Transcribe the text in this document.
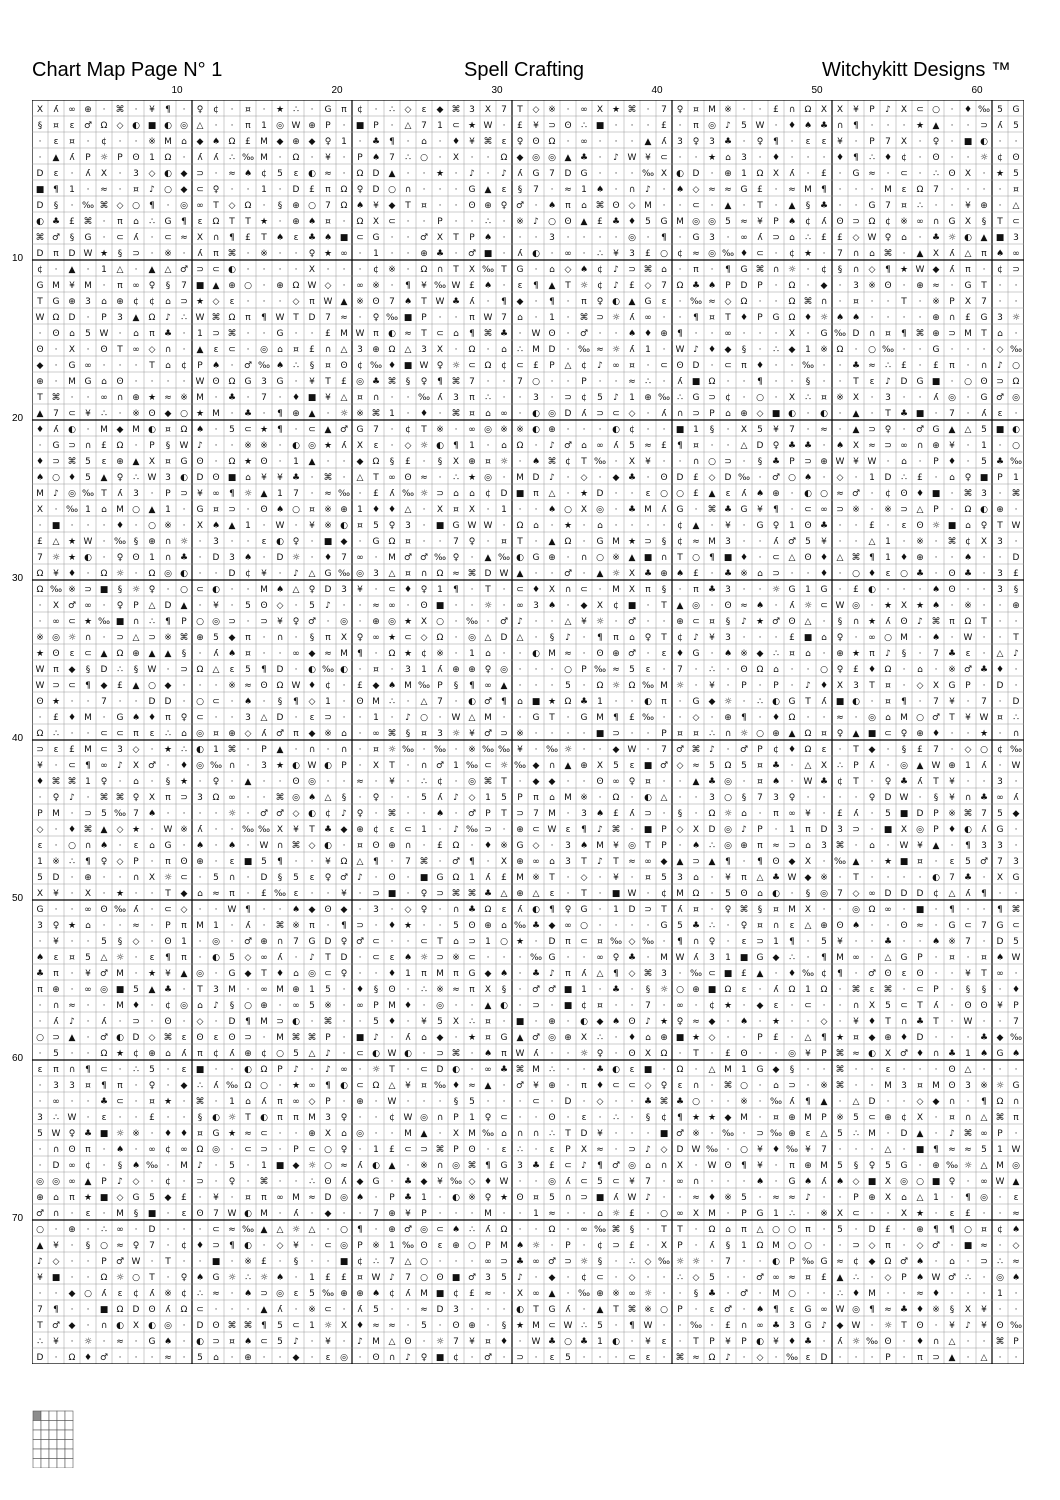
Chart Map Page N° 1	Spell Crafting	Witchykitt Designs ™
10	20	30	40	50	60
10
20
30
40
50
60
70
Ⅹ ʎ ∞ ⊕ · ⌘ · ¥ ¶ · ♀ ¢ · ¤ · ★ ∴ · G π ¢ · ∴ ◇ ε ◆ ⌘ 3 Ⅹ 7 T ◇ ※ · ∞ Ⅹ ★ ⌘ · 7 ♀ ¤ M ※ · · £ ∩ Ω Ⅹ Ⅹ ¥ P ♪ Ⅹ ⊂ ○ · ♦ ‰ 5 G
§ ¤ ε ♂ Ω ◇ ◐ ■ ◐ ◎ △ · · π 1 ◎ W ⊕ P · ■ P · △ 7 1 ⊂ ★ W · £ ¥ ⊃ ʘ ∴ ■ · · · £ · π ◎ ♪ 5 W · ♦ ♠ ♣ ∩ ¶ · · · ★ ▲ · · ⊃ ʎ 5
· ε ¤ · ¢ · · ※ M ⌂ ◆ ♠ Ω £ M ◆ ⊕ ◆ ♀ 1 · ♣ ¶ · ⌂ · ♦ ¥ ⌘ ε ♀ ʘ Ω · ∞ · · · ▲ ʎ 3 ♀ 3 ♣ · ♀ ¶ · ε ε ¥ · P 7 Ⅹ · ♀ · ■ ◐ · ·
· ▲ ʎ P ☼ P ʘ 1 Ω · ʎ ʎ ∴ ‰ M · Ω · ¥ · P ♠ 7 ∴ ○ · Ⅹ · · Ω ◆ ◎ ◎ ▲ ♣ · ♪ W ¥ ⊂ · · ★ ⌂ 3 · ♦ · · · ♦ ¶ ∴ ♦ ¢ · ʘ · · ☼ ¢ ʘ
D ε · ʎ Ⅹ · 3 ◇ ◐ ◆ ⊃ · ≈ ♠ ¢ 5 ε ◐ ≈ · Ω D ▲ · · ★ · ♪ · ♪ ʎ G 7 D G · · · ‰ Ⅹ ◐ D · ⊕ 1 Ω Ⅹ ʎ · £ · G ≈ · ⊂ · ∴ ʘ Ⅹ · ★ 5
■ ¶ 1 · ≈ · ¤ ♪ ○ ◆ ⊂ ♀ · · 1 · D £ π Ω ♀ D ○ ∩ · · · G ▲ ε § 7 · ≈ 1 ♠ · ∩ ♪ · ♠ ◇ ≈ ≈ G £ · ≈ M ¶ · · · M ε Ω 7 · · · · ¤
D § · ‰ ⌘ ◇ ○ ¶ · ◎ ∞ T ◇ Ω · § ⊕ ○ 7 Ω ♠ ¥ ◆ T ¤ · · ʘ ⊕ ♀ ♂ · ♠ π ⌂ ⌘ ʘ ◇ M · · ⊂ · ▲ · T · ▲ § ♣ · · G 7 ¤ ∴ · · ¥ ⊕ · △
◐ ♣ £ ⌘ · π ⌂ ∴ G ¶ ε Ω T T ★ · ⊕ ♠ ¤ · Ω Ⅹ ⊂ · · P · · ∴ · ※ ♪ ○ ʘ ▲ £ ♣ ♦ 5 G M ◎ ◎ 5 ≈ ¥ P ♠ ¢ ʎ ʘ ⊃ Ω ¢ ※ ∞ ∩ G Ⅹ § T ⊂
⌘ ♂ § G · ⊂ ʎ · ⊂ ≈ Ⅹ ∩ ¶ £ T ♠ ε ♣ ♠ ■ ⊂ G · · ♂ Ⅹ T P ♠ · · · 3 · · · · ◎ · ¶ · G 3 · ∞ ʎ ⊃ ⌂ ∴ £ £ ◇ W ♀ ⌂ · ♣ ☼ ◐ ▲ ■ 3
D π D W ★ § ⊃ · ※ · ʎ π ⌘ · ※ · · ♀ ★ ∞ · 1 · · ⊕ ♣ · ♂ ■ · ʎ ◐ · ∞ · ∴ ¥ 3 £ ○ ¢ ≈ ◎ ‰ ♦ ⊂ · ¢ ★ · 7 ∩ ⌂ ⌘ · ▲ Ⅹ ʎ △ π ♠ ∞
¢ · ▲ · 1 △ · ▲ △ ♂ ⊃ ⊂ ◐ · · · · Ⅹ · · · ¢ ※ · Ω ∩ T Ⅹ ‰ T G · ⌂ ◇ ♠ ¢ ♪ ⊃ ⌘ ⌂ · π · ¶ G ⌘ ∩ ☼ · ¢ § ∩ ◇ ¶ ★ W ◆ ʎ π · ¢ ⊃
G M ¥ M · π ∞ ♀ § 7 ■ ▲ ⊕ ○ · ⊕ Ω W ◇ · ∞ ※ · ¶ ¥ ‰ W £ ♠ · ε ¶ ▲ T ☼ ¢ ♪ £ ◇ 7 Ω ♣ ♠ P D P · Ω · ◆ · 3 ※ ʘ · ⊕ ≈ · G T · ·
T G ⊕ 3 ⌂ ⊕ ¢ ¢ ⌂ ⊃ ★ ◇ ε · · · ◇ π W ▲ ※ ʘ 7 ♠ T W ♣ ʎ · ¶ ◆ · ¶ · π ♀ ◐ ▲ G ε · ‰ ≈ ◇ Ω · · Ω ⌘ ∩ · ¤ · · T · ※ P Ⅹ 7 · ·
W Ω D · P 3 ▲ Ω ♪ ∴ W ⌘ Ω π ¶ W T D 7 ≈ · ♀ ‰ ■ P · · π W 7 ⌂ · 1 · ⌘ ⊃ ☼ ʎ ∞ · · ¶ ¤ T ♦ P G Ω ♦ ☼ ♠ ♠ · · · · ⊕ ∩ £ G 3 ☼
· ʘ ⌂ 5 W · ⌂ π ♣ · 1 ⊃ ⌘ · · G · · £ M W π ◐ ≈ T ⊂ ⌂ ¶ ⌘ ♣ · W ʘ · ♂ · · ♠ ♦ ⊕ ¶ · · ∞ · · · Ⅹ · G ‰ D ∩ ¤ ¶ ⌘ ⊕ ⊃ M T ⌂ ·
ʘ · Ⅹ · ʘ T ∞ ◇ ∩ · ▲ ε ⊂ · ◎ ⌂ ¤ £ ∩ △ 3 ⊕ Ω △ 3 Ⅹ · Ω · ⌂ ∴ M D · ‰ ≈ ☼ ʎ 1 · W ♪ ♦ ◆ § · ∴ ◆ 1 ※ Ω · ○ ‰ · · G · · · ◇ ‰
◆ · G ∞ · · · T ⌂ ¢ P ♠ · ♂ ‰ ♠ ∴ § ¤ ʘ ¢ ‰ ♦ ■ W ♀ ☼ ⊂ Ω ¢ ⊂ £ P △ ¢ ♪ ∞ ¤ · ⊂ ʘ D · ⊂ π ♦ · · ‰ · · ♣ ≈ ∴ £ · £ π · ∩ ♪ ○
⊕ · M G ⌂ ʘ · · · · W ʘ Ω G 3 G · ¥ T £ ◎ ♣ ⌘ § ♀ ¶ ⌘ 7 · · 7 ○ · · P · · ≈ ∴ · ʎ ■ Ω · · ¶ · · § · · T ε ♪ D G ■ · ○ ʘ ⊃ Ω
T ⌘ · · ∞ ∩ ⊕ ★ ≈ ※ M · ♣ · 7 · ♦ ■ ¥ △ ¤ ∩ · · ‰ ʎ 3 π ∴ · · 3 · ⊃ ¢ 5 ♪ 1 ⊕ ‰ ∴ G ⊃ ¢ · ○ · Ⅹ ∴ ¤ ※ Ⅹ · 3 · · ʎ ◎ · G ♂ ◎
▲ 7 ⊂ ¥ ∴ · ※ ʘ ◆ ○ ★ M · ♣ · ¶ ⊕ ▲ · ☼ ※ ⌘ 1 · ♦ · ⌘ ¤ ⌂ ∞ · ◐ ◎ D ʎ ⊃ ⊂ ◇ · ʎ ∩ ⊃ P ⌂ ⊕ ◇ ■ ◐ · ◐ · ▲ · T ♣ ■ · 7 · ʎ ε ·
♦ ʎ ◐ · M ◆ M ◐ ¤ Ω ♠ · 5 ⊂ ★ ¶ · ⊂ ▲ ♂ G 7 · ¢ T ※ · ∞ ◎ ※ ※ ◐ ⊕ · · · ◐ ¢ · · ■ 1 § · Ⅹ 5 ¥ 7 · ≈ · ▲ ⊃ ♀ · ♂ G ▲ △ 5 ■ ◐
· G ⊃ ∩ £ Ω · P § W ♪ · · ※ ※ · ◐ ◎ ★ ʎ Ⅹ ε · ◇ ☼ ◐ ¶ 1 · ⌂ Ω · ♪ ♂ ⌂ ∞ ʎ 5 ≈ £ ¶ ¤ · · △ D ♀ ♣ ♣ · ♠ Ⅹ ≈ ⊃ ∞ ∩ ⊕ ¥ · 1 · ○
♦ ⊃ ⌘ 5 ε ⊕ ▲ Ⅹ ¤ G ʘ · Ω ★ ʘ · 1 ▲ · · ◆ Ω § £ · § Ⅹ ⊕ ¤ ☼ · ♠ ⌘ ¢ T ‰ · Ⅹ ¥ · · ∩ ○ ⊃ · § ♣ P ⊃ ⊕ W ¥ W · ⌂ · P ♦ · 5 ♣ ‰
♠ ○ ♦ 5 ▲ ♀ ∴ W 3 ◐ D ʘ ■ ⌂ ¥ ¥ ♣ · ⌘ · △ T ∞ ʘ ≈ · ∴ ★ ◎ · M D ♪ · ◇ · ◆ ♣ · ʘ D £ ◇ D ‰ · ♂ ○ ♠ · ◇ · 1 D ∴ £ · ⌂ ♀ ■ P 1
M ♪ ◎ ‰ T ʎ 3 · P ⊃ ¥ ∞ ¶ ☼ ▲ 1 7 · ≈ ‰ · £ ʎ ‰ ☼ ⊃ ⌂ ⌂ ¢ D ■ π △ · ★ D · · ε ○ ○ £ ▲ ε ʎ ♠ ⊕ · ◐ ○ ≈ ♂ · ¢ ʘ ♦ ■ · ⌘ 3 · ⌘
Ⅹ · ‰ 1 ⌂ M ○ ▲ 1 · G ¤ ⊃ · ʘ ♠ ○ ¤ ※ ⊕ 1 ♦ ♦ △ · Ⅹ ¤ Ⅹ · 1 · · ♠ ○ Ⅹ ◎ · ♣ M ʎ G · ⌘ ♣ G ¥ ¶ · ⊂ ∞ ⊃ ※ · ※ ⊃ △ P · Ω ◐ ⊕ ·
· ■ · · · ♦ · ○ ※ · Ⅹ ♠ ▲ 1 · W · ¥ ※ ◐ ¤ 5 ♀ 3 · ■ G W W · Ω ⌂ · ★ · ⌂ · · · · ¢ ▲ · ¥ · G ♀ 1 ʘ ♣ · · £ · ε ʘ ☼ ■ ⌂ ♀ T W
£ △ ★ W · ‰ § ⊕ ∩ ☼ · 3 · · ε ◐ ♀ · ■ ◆ · G Ω ¤ · · 7 ♀ · ¤ T · ▲ Ω · G M ★ ⊃ § ¢ ≈ M 3 · · ʎ ♂ 5 ¥ · · △ 1 · ※ · ⌘ ¢ Ⅹ 3 ·
7 ☼ ★ ◐ · ♀ ʘ 1 ∩ ♣ · D 3 ♠ · D ☼ · ♦ 7 ∞ · M ♂ ♂ ‰ ♀ · ▲ ‰ ◐ G ⊕ · ∩ ○ ※ ▲ ■ ∩ T ○ ¶ ■ ♦ · ⊂ △ ʘ ♦ △ ⌘ ¶ 1 ♦ ⊕ · · ♠ · · D
Ω ¥ ♦ · Ω ☼ · Ω ◎ ◐ · · D ¢ ¥ · ♪ △ G ‰ ◎ 3 △ ¤ ∩ Ω ≈ ⌘ D W ▲ · · ♂ · ▲ ☼ Ⅹ ♣ ⊕ ♠ £ · ♣ ※ ⌂ ⊃ · · ♦ · ○ ♦ ε ○ ♣ · ʘ ♣ · 3 £
Ω ‰ ※ ⊃ ■ § ☼ ♀ · ○ ⊂ ◐ · · M ♠ △ ♀ D 3 ¥ · ⊂ ♦ ♀ 1 ¶ · T · ⊂ ♦ Ⅹ ∩ ⊂ · M Ⅹ π § · π ♣ 3 · · ☼ G 1 G · £ ◐ · · · ♠ ʘ · · 3 §
· Ⅹ ♂ ∞ · ♀ P △ D ▲ · ¥ · 5 ʘ ◇ · 5 ♪ · · ≈ ∞ · ʘ ■ · · ☼ · ∞ 3 ♠ · ◆ Ⅹ ¢ ■ · T ▲ ◎ · ʘ ≈ ♠ · ʎ ☼ ⊂ W ◎ · ★ Ⅹ ★ ♠ · ※ · · ⊕
· ∞ ⊂ ★ ‰ ■ ∩ ∴ ¶ P ○ ◎ ⊃ · ⊃ ¥ ♀ ♂ · ◎ · ⊕ ◎ ★ Ⅹ ○ · ‰ · ♂ ♪ · · △ ¥ ☼ · ♂ · · ⊕ ⊂ ¤ § ♪ ★ ♂ ʘ △ · § ∩ ★ ʎ ʘ ♪ ⌘ π Ω T · ·
※ ◎ ☼ ∩ · ⊃ △ ⊃ ※ ⌘ ⊕ 5 ◆ π · ∩ · § π Ⅹ ♀ ∞ ★ ⊂ ◇ Ω · ◎ △ D △ · § ♪ · ¶ π ⌂ ♀ T ¢ ♪ ¥ 3 · · · £ ■ ⌂ ♀ · ∞ ○ M · ♠ · W · · T
★ ʘ ε ⊂ ▲ Ω ⊕ ▲ ▲ § · ʎ ♠ ¤ · · ∞ ◆ ≈ M ¶ · Ω ★ ¢ ※ · 1 ⌂ · · ◐ M ≈ · ʘ ⊕ ♂ · ε ♦ G · ♠ ※ ◆ ∴ ¤ ⌂ · ⊕ ★ π ♪ § · 7 ♣ ε · △ ♪
W π ◆ § D ∴ § W · ⊃ Ω △ ε 5 ¶ D · ◐ ‰ ◐ · ¤ · 3 1 ʎ ⊕ ⊕ ♀ ◎ · · · ○ P ‰ ≈ 5 ε · 7 · ∴ · ʘ Ω ⌂ · · ○ ♀ £ ♦ Ω · ⌂ · ※ ♂ ♣ ♦ ·
W ⊃ ⊂ ¶ ◆ £ ▲ ○ ◆ · · · ※ ≈ ʘ Ω W ♦ ¢ · £ ◆ ♠ M ‰ P § ¶ ∞ ▲ · · · 5 · Ω ☼ Ω ‰ M ☼ · ¥ · P · P · ♪ ♦ Ⅹ 3 T ¤ · ◇ Ⅹ G P · D ·
ʘ ★ · · 7 · · D D · ○ ⊂ · ♠ · § ¶ ◇ 1 · ʘ M ∴ · △ 7 · ◐ ♂ ¶ ⌂ ■ ★ Ω ♣ 1 · · ◐ π · G ◆ ☼ · ∴ ◐ G T ʎ ■ ◐ · ¤ ¶ · 7 ¥ · 7 · D
· £ ♦ M · G ♠ ♦ π ♀ ⊂ · · 3 △ D · ε ⊃ · · 1 · ♪ ○ · W △ M · · G T · G M ¶ £ ‰ · · ◇ · ⊕ ¶ · ♦ Ω · · ≈ · ◎ ⌂ M ○ ♂ T ¥ W ¤ ∴
Ω ∴ · · ⊂ ⊂ π ε ∴ ⌂ ◎ ¤ ⊕ ◇ ʎ ♂ π ◆ ※ ⌂ · ∞ ⌘ § ¤ 3 ☼ ¥ ♂ ⊃ ※ · · · · ■ ⊃ · · P ¤ ¤ ∴ ∩ ☼ ○ ⊕ ▲ Ω ¤ ♀ ▲ ■ ⊂ ♀ ⊕ ♦ · · ★ · ∩
⊃ ε £ M ⊂ 3 ◇ · ★ ∴ ◐ 1 ⌘ · P ▲ · ∩ · ∩ · ¤ ☼ ‰ · ‰ · ※ ‰ ‰ ¥ · ‰ ☼ · · ◆ W · 7 ♂ ⌘ ♪ · ♂ P ¢ ♦ Ω ε · T ◆ · § £ 7 · ◇ ○ ¢ ‰
¥ · ⊂ ¶ ∞ ♪ Ⅹ ♂ · ♦ ◎ ‰ ∩ · 3 ★ ◐ W ◐ P · Ⅹ T · ∩ ♂ 1 ‰ ⊂ ☼ ‰ ◆ ∩ ▲ ⊕ Ⅹ 5 ε ■ ♂ ◇ ≈ 5 Ω 5 ¤ ♣ · △ Ⅹ ∴ P ʎ · ◎ ▲ W ⊕ 1 ʎ · W
♦ ⌘ ⌘ 1 ♀ · ⌂ · § ★ · ♀ · ▲ · · ʘ ◎ · · ≈ · ¥ · ∴ ¢ · ◎ ⌘ T · ◆ ◆ · · ʘ ∞ ♀ ¤ · · ▲ ♣ ◎ · ¤ ♠ · W ♣ ¢ T · ♀ ♣ ʎ T ¥ · · 3 ·
· ♀ ♪ · ⌘ ⌘ ♀ Ⅹ π ⊃ 3 Ω ∞ · · ⌘ ◎ ♠ △ § · ♀ · · 5 ʎ ♪ ◇ 1 5 P π ⌂ M ※ · Ω · ◐ △ · · 3 ○ § 7 3 ♀ · · · · ♀ D W · § ¥ ∩ ♣ ∞ ʎ
P M · ⊃ 5 ‰ 7 ♠ · · · · ☼ · ♂ ♂ ◇ ◐ ¢ ♪ ♀ · ⌘ · · ♠ · ♂ P T ⊃ 7 M · 3 ♠ £ ʎ ⊃ · § · Ω ☼ ⌂ · π ∞ ¥ · £ ʎ · 5 ■ D P ※ ⌘ 7 5 ◆
◇ · ♦ ⌘ ▲ ◇ ★ · W ※ ʎ · · ‰ ‰ Ⅹ ¥ T ♣ ◆ ⊕ ¢ ε ⊂ 1 · ♪ ‰ ⊃ · ⊕ ⊂ W ε ¶ ♪ ⌘ · ■ P ◇ Ⅹ D ◎ ♪ P · 1 π D 3 ⊃ · ■ Ⅹ ◎ P ♦ ◐ ʎ G ·
ε · ○ ∩ ♠ · ε ⌂ G · ♠ · ♠ · W ∩ ⌘ ◇ ◐ · ¤ ʘ ⊕ ∩ · £ Ω · ♦ ※ G ◇ · 3 ♠ M ¥ ◎ T P · ♠ ∴ ◎ ⊕ π ≈ ⊃ ⌂ 3 ⌘ · ⌂ · W ¥ ▲ · ¶ 3 3 ·
1 ※ ∴ ¶ ♀ ◇ P · π ʘ ⊕ · ε ■ 5 ¶ · · ¥ Ω △ ¶ · 7 ⌘ · ♂ ¶ · Ⅹ ⊕ ∞ ⌂ 3 T ♪ T ≈ ∞ ◆ ▲ ⊃ ▲ ¶ · ¶ ʘ ◆ Ⅹ · ‰ ▲ · ★ ■ ¤ · ε 5 ♂ 7 3
5 D · ⊕ · · ∩ Ⅹ ☼ ⊂ · 5 ∩ · D § 5 ε ♀ ♂ ♪ · ʘ · ■ G Ω 1 ʎ £ M ※ T · ◇ · ¥ · ¤ 5 3 ⌂ · ¥ π △ ♣ W ◆ ※ · T · · · · ◐ 7 ♣ · Ⅹ G
Ⅹ ¥ · Ⅹ · ★ · · T ◆ ⌂ ≈ π · £ ‰ ε · · ¥ · ⊃ ■ · ♀ ⊃ ⌘ ⌘ ♣ △ ⊕ △ ε · T · ■ W · ¢ M Ω · 5 ʘ ⌂ ◐ · § ◎ 7 ◇ ∞ D D D ¢ △ ʎ ¶ · ·
G · · ∞ ʘ ‰ ʎ · ⊂ ◇ · · W ¶ · · ♠ ◆ ʘ ◆ · 3 · ◇ ♀ · ∩ ♣ Ω ε ʎ ◐ ¶ ♀ G · 1 D ⊃ T ʎ ¤ · ♀ ⌘ § ¤ M Ⅹ · · ◎ Ω ∞ · ■ · ¶ · · ¶ ⌘
3 ♀ ★ ⌂ · · ≈ · P π M 1 · ʎ · ⌘ ※ π · ¶ ⊃ · ♦ ★ · · 5 ʘ ⊕ ⌂ ‰ ♣ ◆ ∞ ○ · · · · G 5 ♣ ∴ · ♀ ¤ ∩ ε △ ⊕ ʘ ♠ · · ʘ ≈ · G ⊂ 7 G ⊂
· ¥ · · 5 § ◇ · ʘ 1 · ◎ · ♂ ⊕ ∩ 7 G D ♀ ♂ ⊂ · · ⊂ T ⌂ ⊃ 1 ○ ★ · D π ⊂ ¤ ‰ ◇ ‰ · ¶ ∩ ♀ · ε ⊃ 1 ¶ · 5 ¥ · · ♣ · · ♠ ※ 7 · D 5
♠ ε ¤ 5 △ ☼ · ε ¶ π · ◐ 5 ◇ ∞ ʎ · ♪ T D · ⊂ ε ♠ ☼ ⊃ ※ ⊂ · · · ‰ G · · ∞ ♀ ♣ · M W ʎ 3 1 ■ G ◆ ∴ · ¶ M ∞ · △ G P · ¤ · ¤ ♠ W
♣ π · ¥ ♂ M · ★ ¥ ▲ ◎ · G ◆ T ♦ ⌂ ◎ ⊂ ♀ · · ♦ 1 π M π G ◆ ♠ · ♣ ♪ π ʎ △ ¶ ◇ ⌘ 3 · ‰ ⊂ ■ £ ▲ · ♦ ‰ ¢ ¶ · ♂ ʘ ε ʘ · · ¥ T ∞ ·
π ⊕ · ∞ ◎ ■ 5 ▲ ♣ · T 3 M · ∞ M ⊕ 1 5 · ♦ § ʘ · ∴ ※ ≈ π Ⅹ § · ♂ ♂ ■ 1 · ♣ · § ☼ ○ ⊕ ■ Ω ε · ʎ Ω 1 Ω · ⌘ ε ⌘ · ⊂ P · § § · ♦
· ∩ ≈ · · M ♦ · ¢ ◎ ⌂ ♪ § ○ ⊕ · ∞ 5 ※ · ∞ P M ♦ · ◎ · · ▲ ◐ · ⊃ · ■ ¢ ¤ · · 7 · ∞ · ¢ ★ · ◆ ε · ⊂ · · ∩ Ⅹ 5 ⊂ T ʎ · ʘ ʘ ¥ P
· ʎ ♪ · ʎ · ⊃ · ʘ · ◇ · D ¶ M ⊃ ◐ · ⌘ · · 5 ♦ · ¥ 5 Ⅹ ∴ ¤ · ■ · ⊕ · ◐ ◆ ♠ ʘ ♪ ★ ♀ ≈ ◆ · ♠ · ★ · · ◇ · ¥ ♦ T ∩ ♣ T · W · · 7
○ ⊃ ▲ · ♂ ◐ D ◇ ⌘ ε ʘ ε ʘ ⊃ · M ⌘ ⌘ P · ■ ♪ · ʎ ⌂ ◆ · ★ ¤ G ▲ ♂ ◎ ⊕ Ⅹ ∴ · ♦ ⌂ ⊕ ■ ★ ◇ · · P £ · △ ¶ ★ ¤ ◆ ⊕ ♦ D · · · ♣ ◆ ‰
· 5 · · Ω ★ ¢ ⊕ ⌂ ʎ π ¢ ʎ ⊕ ¢ ○ 5 △ ♪ · ⊂ ◐ W ◐ · ⊃ ⌘ · ♠ π W ʎ · · ☼ ♀ · ʘ Ⅹ Ω · T · £ ʘ · · ◎ ¥ P ⌘ ≈ ◐ Ⅹ ♂ ♦ ∩ ♣ 1 ♠ G ♠
ε π ∩ ¶ ⊂ · ∴ 5 · ε ■ · · ◐ Ω P ♪ · ♪ ∞ · ☼ T · ⊂ D ◐ · ∞ ♣ ⌘ M ∴ · · ♣ ◐ ε ■ · Ω · △ M 1 G ◆ § · · ⌘ · · ε · · · ʘ △ · · ·
· 3 3 ¤ ¶ π · ♀ · ◆ ∴ ʎ ‰ Ω ○ · ★ ∞ ¶ ◐ ⊂ Ω △ ¥ ¤ ‰ ♦ ≈ ▲ · ♂ ¥ ⊕ · π ♦ ⊂ ⊂ ◇ ♀ ε ∩ · ⌘ ○ · ⌂ ⊃ · ※ ⌘ · · M 3 ¤ M ʘ 3 ※ ☼ G
· ∞ · · ♣ ⊂ · ¤ ★ · ⌘ · 1 ⌂ ʎ π ∞ ◇ P · ⊕ · W · · · § 5 · · · ⊂ · D · ◇ · · ♣ ⌘ ♣ ○ · · ※ · ‰ ʎ ¶ ▲ · △ D · · ◇ ◆ ∩ · ¶ Ω ∩
3 ∴ W · ε · · £ · · § ◐ ☼ T ◐ π π M 3 ♀ · · ¢ W ◎ ∩ P 1 ♀ ⊂ · · ʘ · ε · ∴ · § ¢ ¶ ★ ★ ◆ M · ¤ ⊕ M P ※ 5 ⊂ ⊕ ¢ Ⅹ · ¤ ∩ △ ⌘ π
5 W ♀ ♣ ■ ☼ ※ · ♦ ♦ ¤ G ★ ≈ ⊂ · · ⊕ Ⅹ ⌂ ◎ · · M ▲ · Ⅹ M ‰ ⌂ ∩ ∩ ∴ T D ¥ · · · ■ ♂ ※ · ‰ · ⊃ ‰ ⊕ ε △ 5 ∴ M · D ▲ · ♪ ⌘ ∞ P ·
· ∩ ʘ π · ♠ · ∞ ¢ ∞ Ω ◎ · ⊂ ⊃ · P ⊂ ○ ♀ · 1 £ ⊂ ⊃ ⌘ P ʘ · ε ∴ · ε P Ⅹ ≈ · ⊃ ♪ ◇ D W ‰ · ○ ¥ ♦ ‰ ¥ 7 · · · △ · ■ ¶ ≈ ≈ 5 1 W
· D ∞ ¢ · § ♠ ‰ · M ♪ · 5 · 1 ■ ◆ ☼ ○ ≈ ʎ ◐ ▲ · ※ ∩ ◎ ⌘ ¶ G 3 ♣ £ ⊂ ♪ ¶ ♂ ◎ ⌂ ∩ Ⅹ · W ʘ ¶ ¥ · π ⊕ M 5 § ♀ 5 G · ⊕ ‰ ☼ △ M ◎
◎ ◎ ∞ ▲ P ♪ ◇ · ¢ · ⊃ · ♀ · ⌘ · · ∴ ʘ ʎ ◆ G · ♣ ◆ ¥ ‰ ◇ ♦ W · · ◎ ʎ ⊂ 5 ⊂ ¥ 7 · ∞ ∩ · · · ♠ · G ♠ ʎ ♠ ◇ ■ Ⅹ ◎ ○ ■ ♀ · ∞ W ▲
⊕ ⌂ π ★ ■ ◇ G 5 ◆ £ · ¥ · ¤ π ∞ M ≈ D ◎ ♠ · P ♣ 1 · ◐ ※ ♀ ★ ʘ ¤ 5 ∩ ⊃ ■ ʎ W ♪ · · ≈ ♦ ※ 5 · ≈ ≈ ♪ · · P ⊕ Ⅹ ⌂ △ 1 · ¶ ◎ · ε
♂ ∩ · ε · M § ■ · ε ʘ 7 W ◐ M · ʎ · ◆ · · 7 ⊕ ¥ P · · · M · · 1 ≈ · · ⌂ ☼ £ · ○ ∞ Ⅹ M · P G 1 ∴ · ※ Ⅹ ⊂ · · Ⅹ ★ · ε £ · · ≈
○ · ⊕ · ∴ ∞ · D · · · ⊂ ≈ ‰ ▲ △ ☼ △ · ○ ¶ · ⊕ ♂ ◎ ⊂ ♠ ∴ ʎ Ω · · Ω · ∞ ‰ ⌘ § · T T · Ω ⌂ π △ ○ ○ π · 5 · D £ · ⊕ ¶ ¶ ○ ¤ ¢ ♠
▲ ¥ · § ○ ≈ ♀ 7 · ¢ ♦ ⊃ ¶ ◐ · ◇ ¥ · ⊂ ◎ P ※ 1 ‰ ʘ ε ⊕ ○ P M ♠ ☼ · P · ¢ ⊃ £ · Ⅹ P · ʎ § 1 Ω M ○ ○ · · ⊃ ◇ π · ◇ ♂ · ■ ≈ · ◇
♪ ◇ · · P ♂ W · T · · ■ · ※ £ · § · · ■ ¢ ∴ 7 △ ○ · · · ∞ ⊃ ♣ ∞ ♂ ⊃ ☼ § · ∴ ◇ ‰ ☼ ☼ · 7 · · ◐ P ‰ G ≈ ¢ ◆ Ω ♂ ♠ · ⌂ · ⊃ ∴ ≈
¥ ■ · · Ω ☼ ○ T · ♀ ♠ G ☼ ∴ ☼ ♠ · 1 £ £ ¤ W ♪ 7 ○ ʘ ■ ♂ 3 5 ♪ · ◆ · ¢ ⊂ · ◇ · · ∴ ◇ 5 · · ♂ ∞ ≈ ¤ £ ▲ ∴ · ◇ P ♠ W ♂ ∴ · ◎ ♠
· · ◆ ○ ʎ ε ¢ ʎ ※ ¢ ∴ ≈ · ♠ ⊃ ◎ ε 5 ‰ ⊕ ⊕ ♠ ¢ ʎ M ■ ¢ £ ≈ · Ⅹ ∞ ▲ · ‰ ⊕ ※ ∞ ☼ · · § ♣ · ♂ · M ○ · · ∴ ♦ M · · ≈ ♦ · · · 1 ·
7 ¶ · · ■ Ω D ʘ ʎ Ω ⊂ · · · ▲ ʎ · ※ ⊂ · ʎ 5 · · ≈ D 3 · · · ◐ T G ʎ · ▲ T ⌘ ※ ○ P · ε ♂ · ♠ ¶ ε G ∞ W ◎ ¶ ≈ ♣ ♦ ※ § Ⅹ ¥ · ·
T ♂ ◆ · ∩ ◐ Ⅹ ◐ ◎ · D ʘ ⌘ ⌘ ¶ 5 ⊂ 1 ☼ Ⅹ ♦ ≈ ≈ · 5 · ʘ ⊕ · § ★ M ⊂ W ∴ 5 · ¶ W · · ‰ · £ ∩ ∞ ♣ 3 G ♪ ◆ W · ☼ T ʘ · ¥ ♪ ¥ ʘ ‰
∴ ¥ · ☼ · ≈ · G ♠ · ◐ ⊃ ¤ ♠ ⊂ 5 ♪ · ¥ · ♪ M △ ʘ · ☼ 7 ¥ ¤ ♦ · W ♣ ○ ♣ 1 ◐ · ¥ ε · T P ¥ P ◐ ¥ ♦ ♣ · ʎ ☼ ‰ ʘ · ♦ ∩ △ · · ⌘ P
D · Ω ♦ ♂ · · · ≈ · 5 ⌂ · ⊕ · · ◆ · ε ◎ · ʘ ∩ ♪ ♀ ■ ¢ · ♂ · ⊃ · ε 5 · · · ⊂ ε · ⌘ ≈ Ω ♪ · ◇ · ‰ ε D · · · P · π ⊃ ▲ · △ · ·
